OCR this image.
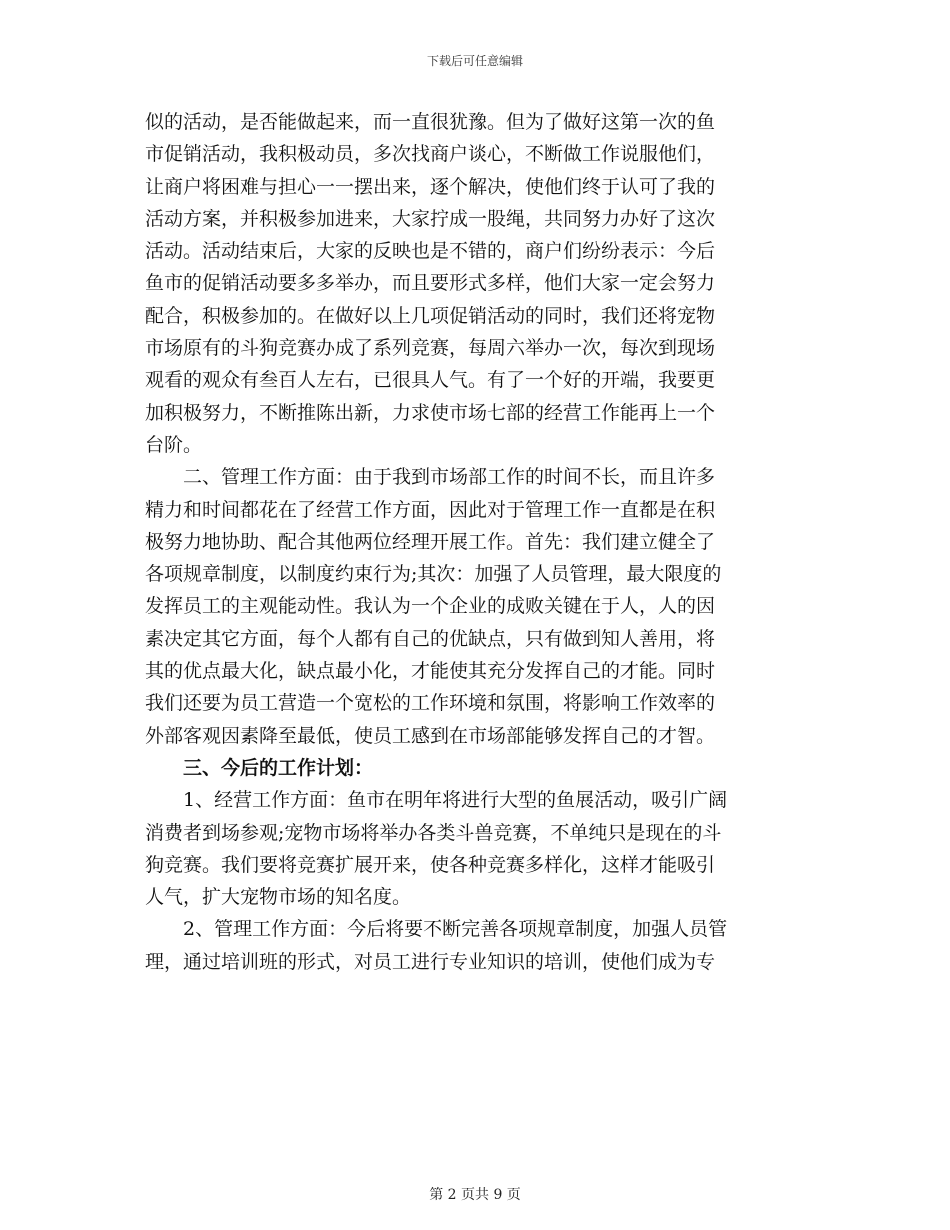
下载后可任意编辑
似的活动，是否能做起来，而一直很犹豫。但为了做好这第一次的鱼
市促销活动，我积极动员，多次找商户谈心，不断做工作说服他们，
让商户将困难与担心一一摆出来，逐个解决，使他们终于认可了我的
活动方案，并积极参加进来，大家拧成一股绳，共同努力办好了这次
活动。活动结束后，大家的反映也是不错的，商户们纷纷表示：今后
鱼市的促销活动要多多举办，而且要形式多样，他们大家一定会努力
配合，积极参加的。在做好以上几项促销活动的同时，我们还将宠物
市场原有的斗狗竞赛办成了系列竞赛，每周六举办一次，每次到现场
观看的观众有叁百人左右，已很具人气。有了一个好的开端，我要更
加积极努力，不断推陈出新，力求使市场七部的经营工作能再上一个
台阶。
二、管理工作方面：由于我到市场部工作的时间不长，而且许多
精力和时间都花在了经营工作方面，因此对于管理工作一直都是在积
极努力地协助、配合其他两位经理开展工作。首先：我们建立健全了
各项规章制度，以制度约束行为;其次：加强了人员管理，最大限度的
发挥员工的主观能动性。我认为一个企业的成败关键在于人，人的因
素决定其它方面，每个人都有自己的优缺点，只有做到知人善用，将
其的优点最大化，缺点最小化，才能使其充分发挥自己的才能。同时
我们还要为员工营造一个宽松的工作环境和氛围，将影响工作效率的
外部客观因素降至最低，使员工感到在市场部能够发挥自己的才智。
三、今后的工作计划：
1、经营工作方面：鱼市在明年将进行大型的鱼展活动，吸引广阔
消费者到场参观;宠物市场将举办各类斗兽竞赛，不单纯只是现在的斗
狗竞赛。我们要将竞赛扩展开来，使各种竞赛多样化，这样才能吸引
人气，扩大宠物市场的知名度。
2、管理工作方面：今后将要不断完善各项规章制度，加强人员管
理，通过培训班的形式，对员工进行专业知识的培训，使他们成为专
第 2 页共 9 页
